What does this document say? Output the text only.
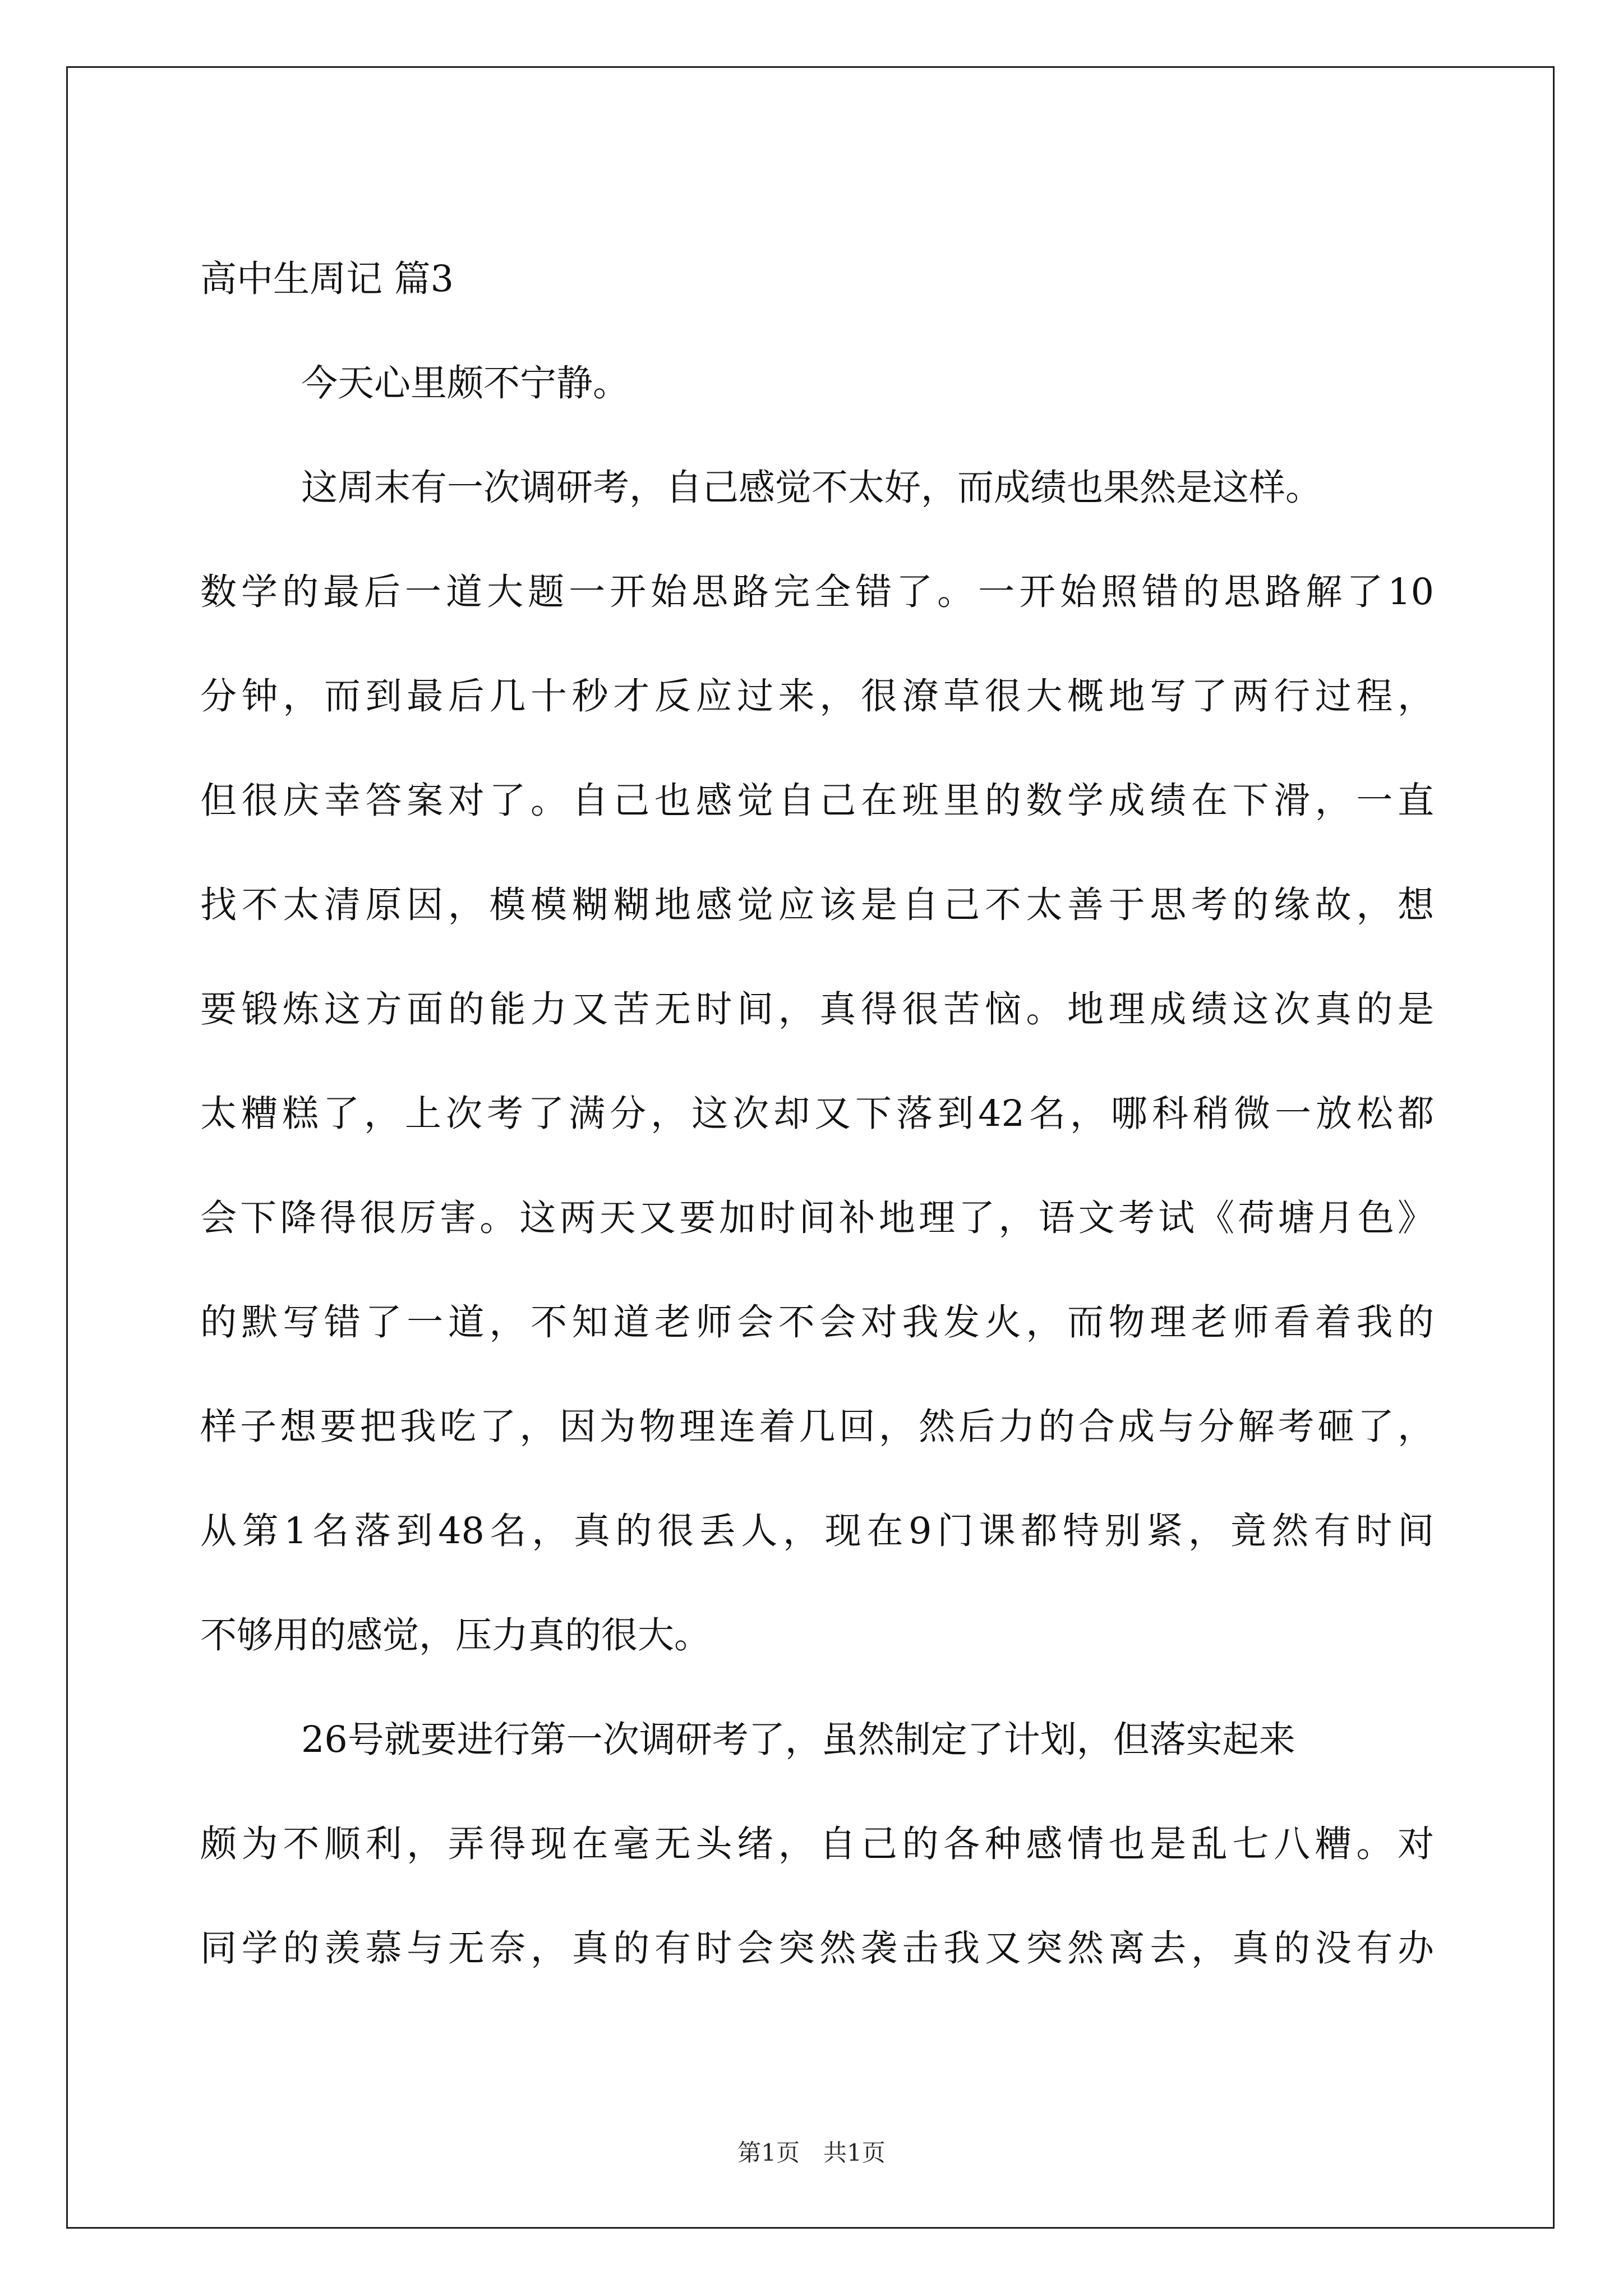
高中生周记 篇3
今天心里颇不宁静。
这周末有一次调研考，自己感觉不太好，而成绩也果然是这样。
数学的最后一道大题一开始思路完全错了。一开始照错的思路解了10
分钟，而到最后几十秒才反应过来，很潦草很大概地写了两行过程，
但很庆幸答案对了。自己也感觉自己在班里的数学成绩在下滑，一直
找不太清原因，模模糊糊地感觉应该是自己不太善于思考的缘故，想
要锻炼这方面的能力又苦无时间，真得很苦恼。地理成绩这次真的是
太糟糕了，上次考了满分，这次却又下落到42名，哪科稍微一放松都
会下降得很厉害。这两天又要加时间补地理了，语文考试《荷塘月色》
的默写错了一道，不知道老师会不会对我发火，而物理老师看着我的
样子想要把我吃了，因为物理连着几回，然后力的合成与分解考砸了，
从第1名落到48名，真的很丢人，现在9门课都特别紧，竟然有时间
不够用的感觉，压力真的很大。
26号就要进行第一次调研考了，虽然制定了计划，但落实起来
颇为不顺利，弄得现在毫无头绪，自己的各种感情也是乱七八糟。对
同学的羡慕与无奈，真的有时会突然袭击我又突然离去，真的没有办
第1页　共1页
